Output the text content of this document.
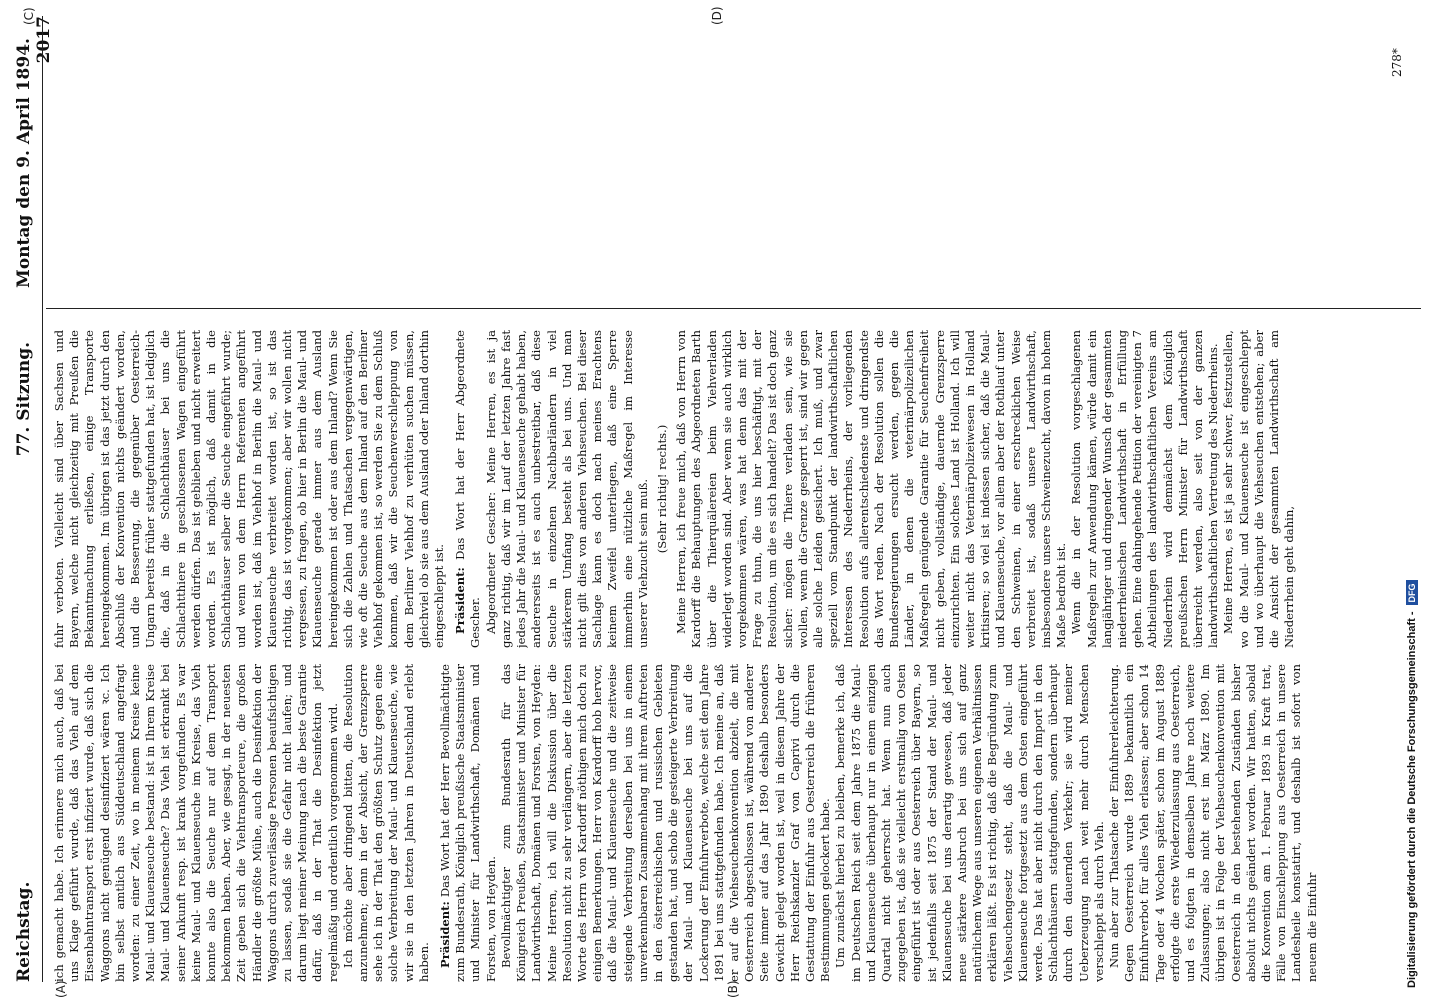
Reichstag.
77. Sitzung.
Montag den 9. April 1894. 2017
(A)	(B)
(C)	(D)

ich gemacht habe. Ich erinnere mich auch, daß bei uns Klage geführt wurde, daß das Vieh auf dem Eisenbahntransport erst infiziert wurde, daß sich die Waggons nicht genügend desinfiziert wären ꝛc. Ich bin selbst amtlich aus Süddeutschland angefragt worden: zu einer Zeit, wo in meinem Kreise keine Maul- und Klauenseuche bestand: ist in Ihrem Kreise Maul- und Klauenseuche? Das Vieh ist erkrankt bei seiner Ankunft resp. ist krank vorgefunden. Es war keine Maul- und Klauenseuche im Kreise, das Vieh konnte also die Seuche nur auf dem Transport bekommen haben. Aber, wie gesagt, in der neuesten Zeit geben sich die Viehtransporteure, die großen Händler die größte Mühe, auch die Desinfektion der Waggons durch zuverlässige Personen beaufsichtigen zu lassen, sodaß sie die Gefahr nicht laufen; und darum liegt meiner Meinung nach die beste Garantie dafür, daß in der That die Desinfektion jetzt regelmäßig und ordentlich vorgenommen wird. Ich möchte aber dringend bitten, die Resolution anzunehmen; denn in der Absicht, der Grenzsperre sehe ich in der That den größten Schutz gegen eine solche Verbreitung der Maul- und Klauenseuche, wie wir sie in den letzten Jahren in Deutschland erlebt haben. Präsident: Das Wort hat der Herr Bevollmächtigte zum Bundesrath, Königlich preußische Staatsminister und Minister für Landwirthschaft, Domänen und Forsten, von Heyden. Bevollmächtigter zum Bundesrath für das Königreich Preußen, Staatsminister und Minister für Landwirthschaft, Domänen und Forsten, von Heyden: Meine Herren, ich will die Diskussion über die Resolution nicht zu sehr verlängern, aber die letzten Worte des Herrn von Kardorff nöthigen mich doch zu einigen Bemerkungen. Herr von Kardorff hob hervor, daß die Maul- und Klauenseuche und die zeitweise steigende Verbreitung derselben bei uns in einem unverkennbaren Zusammenhang mit ihrem Auftreten in den österreichischen und russischen Gebieten gestanden hat, und schob die gesteigerte Verbreitung der Maul- und Klauenseuche bei uns auf die Lockerung der Einfuhrverbote, welche seit dem Jahre 1891 bei uns stattgefunden habe. Ich meine an, daß er auf die Viehseuchenkonvention abzielt, die mit Oesterreich abgeschlossen ist, während von anderer Seite immer auf das Jahr 1890 deshalb besonders Gewicht gelegt worden ist, weil in diesem Jahre der Herr Reichskanzler Graf von Caprivi durch die Gestattung der Einfuhr aus Oesterreich die früheren Bestimmungen gelockert habe. Um zunächst hierbei zu bleiben, bemerke ich, daß im Deutschen Reich seit dem Jahre 1875 die Maul- und Klauenseuche überhaupt nur in einem einzigen Quartal nicht geherrscht hat. Wenn nun auch zugegeben ist, daß sie vielleicht erstmalig von Osten eingeführt ist oder aus Oesterreich über Bayern, so ist jedenfalls seit 1875 der Stand der Maul- und Klauenseuche bei uns derartig gewesen, daß jeder neue stärkere Ausbruch bei uns sich auf ganz natürlichem Wege aus unseren eigenen Verhältnissen erklären läßt. Es ist richtig, daß die Begründung zum Viehseuchengesetz steht, daß die Maul- und Klauenseuche fortgesetzt aus dem Osten eingeführt werde. Das hat aber nicht durch den Import in den Schlachthäusern stattgefunden, sondern überhaupt durch den dauernden Verkehr; sie wird meiner Ueberzeugung nach weit mehr durch Menschen verschleppt als durch Vieh. Nun aber zur Thatsache der Einfuhrerleichterung. Gegen Oesterreich wurde 1889 bekanntlich ein Einfuhrverbot für alles Vieh erlassen; aber schon 14 Tage oder 4 Wochen später, schon im August 1889 erfolgte die erste Wiederzulassung aus Oesterreich, und es folgten in demselben Jahre noch weitere Zulassungen; also nicht erst im März 1890. Im übrigen ist in Folge der Viehseuchenkonvention mit Oesterreich in den bestehenden Zuständen bisher absolut nichts geändert worden. Wir hatten, sobald die Konvention am 1. Februar 1893 in Kraft trat, Fälle von Einschleppung aus Oesterreich in unsere Landesheile konstatirt, und deshalb ist sofort von neuem die Einfuhr

fuhr verboten. Vielleicht sind über Sachsen und Bayern, welche nicht gleichzeitig mit Preußen die Bekanntmachung erließen, einige Transporte hereingekommen. Im übrigen ist das jetzt durch den Abschluß der Konvention nichts geändert worden, und die Besserung, die gegenüber Oesterreich-Ungarn bereits früher stattgefunden hat, ist lediglich die, daß in die Schlachthäuser bei uns die Schlachtthiere in geschlossenen Wagen eingeführt werden dürfen. Das ist geblieben und nicht erweitert worden. Es ist möglich, daß damit in die Schlachthäuser selber die Seuche eingeführt wurde; und wenn von dem Herrn Referenten angeführt worden ist, daß im Viehhof in Berlin die Maul- und Klauenseuche verbreitet worden ist, so ist das richtig, das ist vorgekommen; aber wir wollen nicht vergessen, zu fragen, ob hier in Berlin die Maul- und Klauenseuche gerade immer aus dem Ausland hereingekommen ist oder aus dem Inland? Wenn Sie sich die Zahlen und Thatsachen vergegenwärtigen, wie oft die Seuche aus dem Inland auf den Berliner Viehhof gekommen ist, so werden Sie zu dem Schluß kommen, daß wir die Seuchenverschleppung von dem Berliner Viehhof zu verhüten suchen müssen, gleichviel ob sie aus dem Ausland oder Inland dorthin eingeschleppt ist. Präsident: Das Wort hat der Herr Abgeordnete Gescher. Abgeordneter Gescher: Meine Herren, es ist ja ganz richtig, daß wir im Lauf der letzten Jahre fast jedes Jahr die Maul- und Klauenseuche gehabt haben, andererseits ist es auch unbestreitbar, daß diese Seuche in einzelnen Nachbarländern in viel stärkerem Umfang besteht als bei uns. Und man nicht gilt dies von anderen Viehseuchen. Bei dieser Sachlage kann es doch nach meines Erachtens keinem Zweifel unterliegen, daß eine Sperre immerhin eine nützliche Maßregel im Interesse unserer Viehzucht sein muß. (Sehr richtig! rechts.) Meine Herren, ich freue mich, daß von Herrn von Kardorff die Behauptungen des Abgeordneten Barth über die Thierquälereien beim Viehverladen widerlegt worden sind. Aber wenn sie auch wirklich vorgekommen wären, was hat denn das mit der Frage zu thun, die uns hier beschäftigt, mit der Resolution, um die es sich handelt? Das ist doch ganz sicher: mögen die Thiere verladen sein, wie sie wollen, wenn die Grenze gesperrt ist, sind wir gegen alle solche Leiden gesichert. Ich muß, und zwar speziell vom Standpunkt der landwirthschaftlichen Interessen des Niederrheins, der vorliegenden Resolution aufs allerentschiedenste und dringendste das Wort reden. Nach der Resolution sollen die Bundesregierungen ersucht werden, gegen die Länder, in denen die veterinärpolizeilichen Maßregeln genügende Garantie für Seuchenfreiheit nicht geben, vollständige, dauernde Grenzsperre einzurichten. Ein solches Land ist Holland. Ich will weiter nicht das Veterinärpolizeiwesen in Holland kritisiren; so viel ist indessen sicher, daß die Maul- und Klauenseuche, vor allem aber der Rothlauf unter den Schweinen, in einer erschrecklichen Weise verbreitet ist, sodaß unsere Landwirthschaft, insbesondere unsere Schweinezucht, davon in hohem Maße bedroht ist. Wenn die in der Resolution vorgeschlagenen Maßregeln zur Anwendung kämen, würde damit ein langjähriger und dringender Wunsch der gesammten niederrheinischen Landwirthschaft in Erfüllung gehen. Eine dahingehende Petition der vereinigten 7 Abtheilungen des landwirthschaftlichen Vereins am Niederrhein wird demnächst dem Königlich preußischen Herrn Minister für Landwirthschaft überreicht werden, also seit von der ganzen landwirthschaftlichen Vertretung des Niederrheins. Meine Herren, es ist ja sehr schwer, festzustellen, wo die Maul- und Klauenseuche ist eingeschleppt und wo überhaupt die Viehseuchen entstehen; aber die Ansicht der gesammten Landwirthschaft am Niederrhein geht dahin,

278*
Digitalisierung gefördert durch die Deutsche Forschungsgemeinschaft -
DFG
